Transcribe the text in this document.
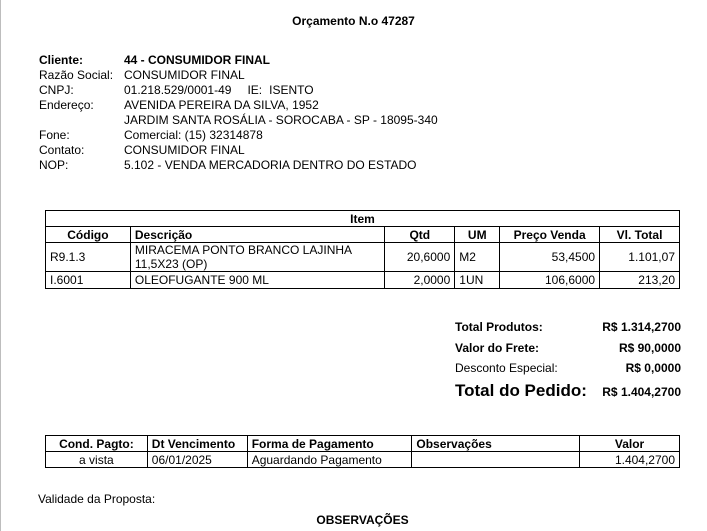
Orçamento N.o 47287
Cliente:	44 - CONSUMIDOR FINAL
Razão Social: CONSUMIDOR FINAL
CNPJ:	01.218.529/0001-49 IE: ISENTO
Endereço:	AVENIDA PEREIRA DA SILVA, 1952
JARDIM SANTA ROSÁLIA - SOROCABA - SP - 18095-340
Fone:	Comercial: (15) 32314878
Contato:	CONSUMIDOR FINAL
NOP:	5.102 - VENDA MERCADORIA DENTRO DO ESTADO
Item					
Código	Descrição	Qtd	UM	Preço Venda	Vl. Total
R9.1.3	MIRACEMA PONTO BRANCO LAJINHA 11,5X23 (OP)	20,6000	M2	53,4500	1.101,07
I.6001	OLEOFUGANTE 900 ML	2,0000	1UN	106,6000	213,20
Total Produtos:	R$ 1.314,2700
Valor do Frete:	R$ 90,0000
Desconto Especial:	R$ 0,0000
Total do Pedido: R$ 1.404,2700
Cond. Pagto:	Dt Vencimento	Forma de Pagamento	Observações	Valor
a vista	06/01/2025	Aguardando Pagamento		1.404,2700
Validade da Proposta:
OBSERVAÇÕES
